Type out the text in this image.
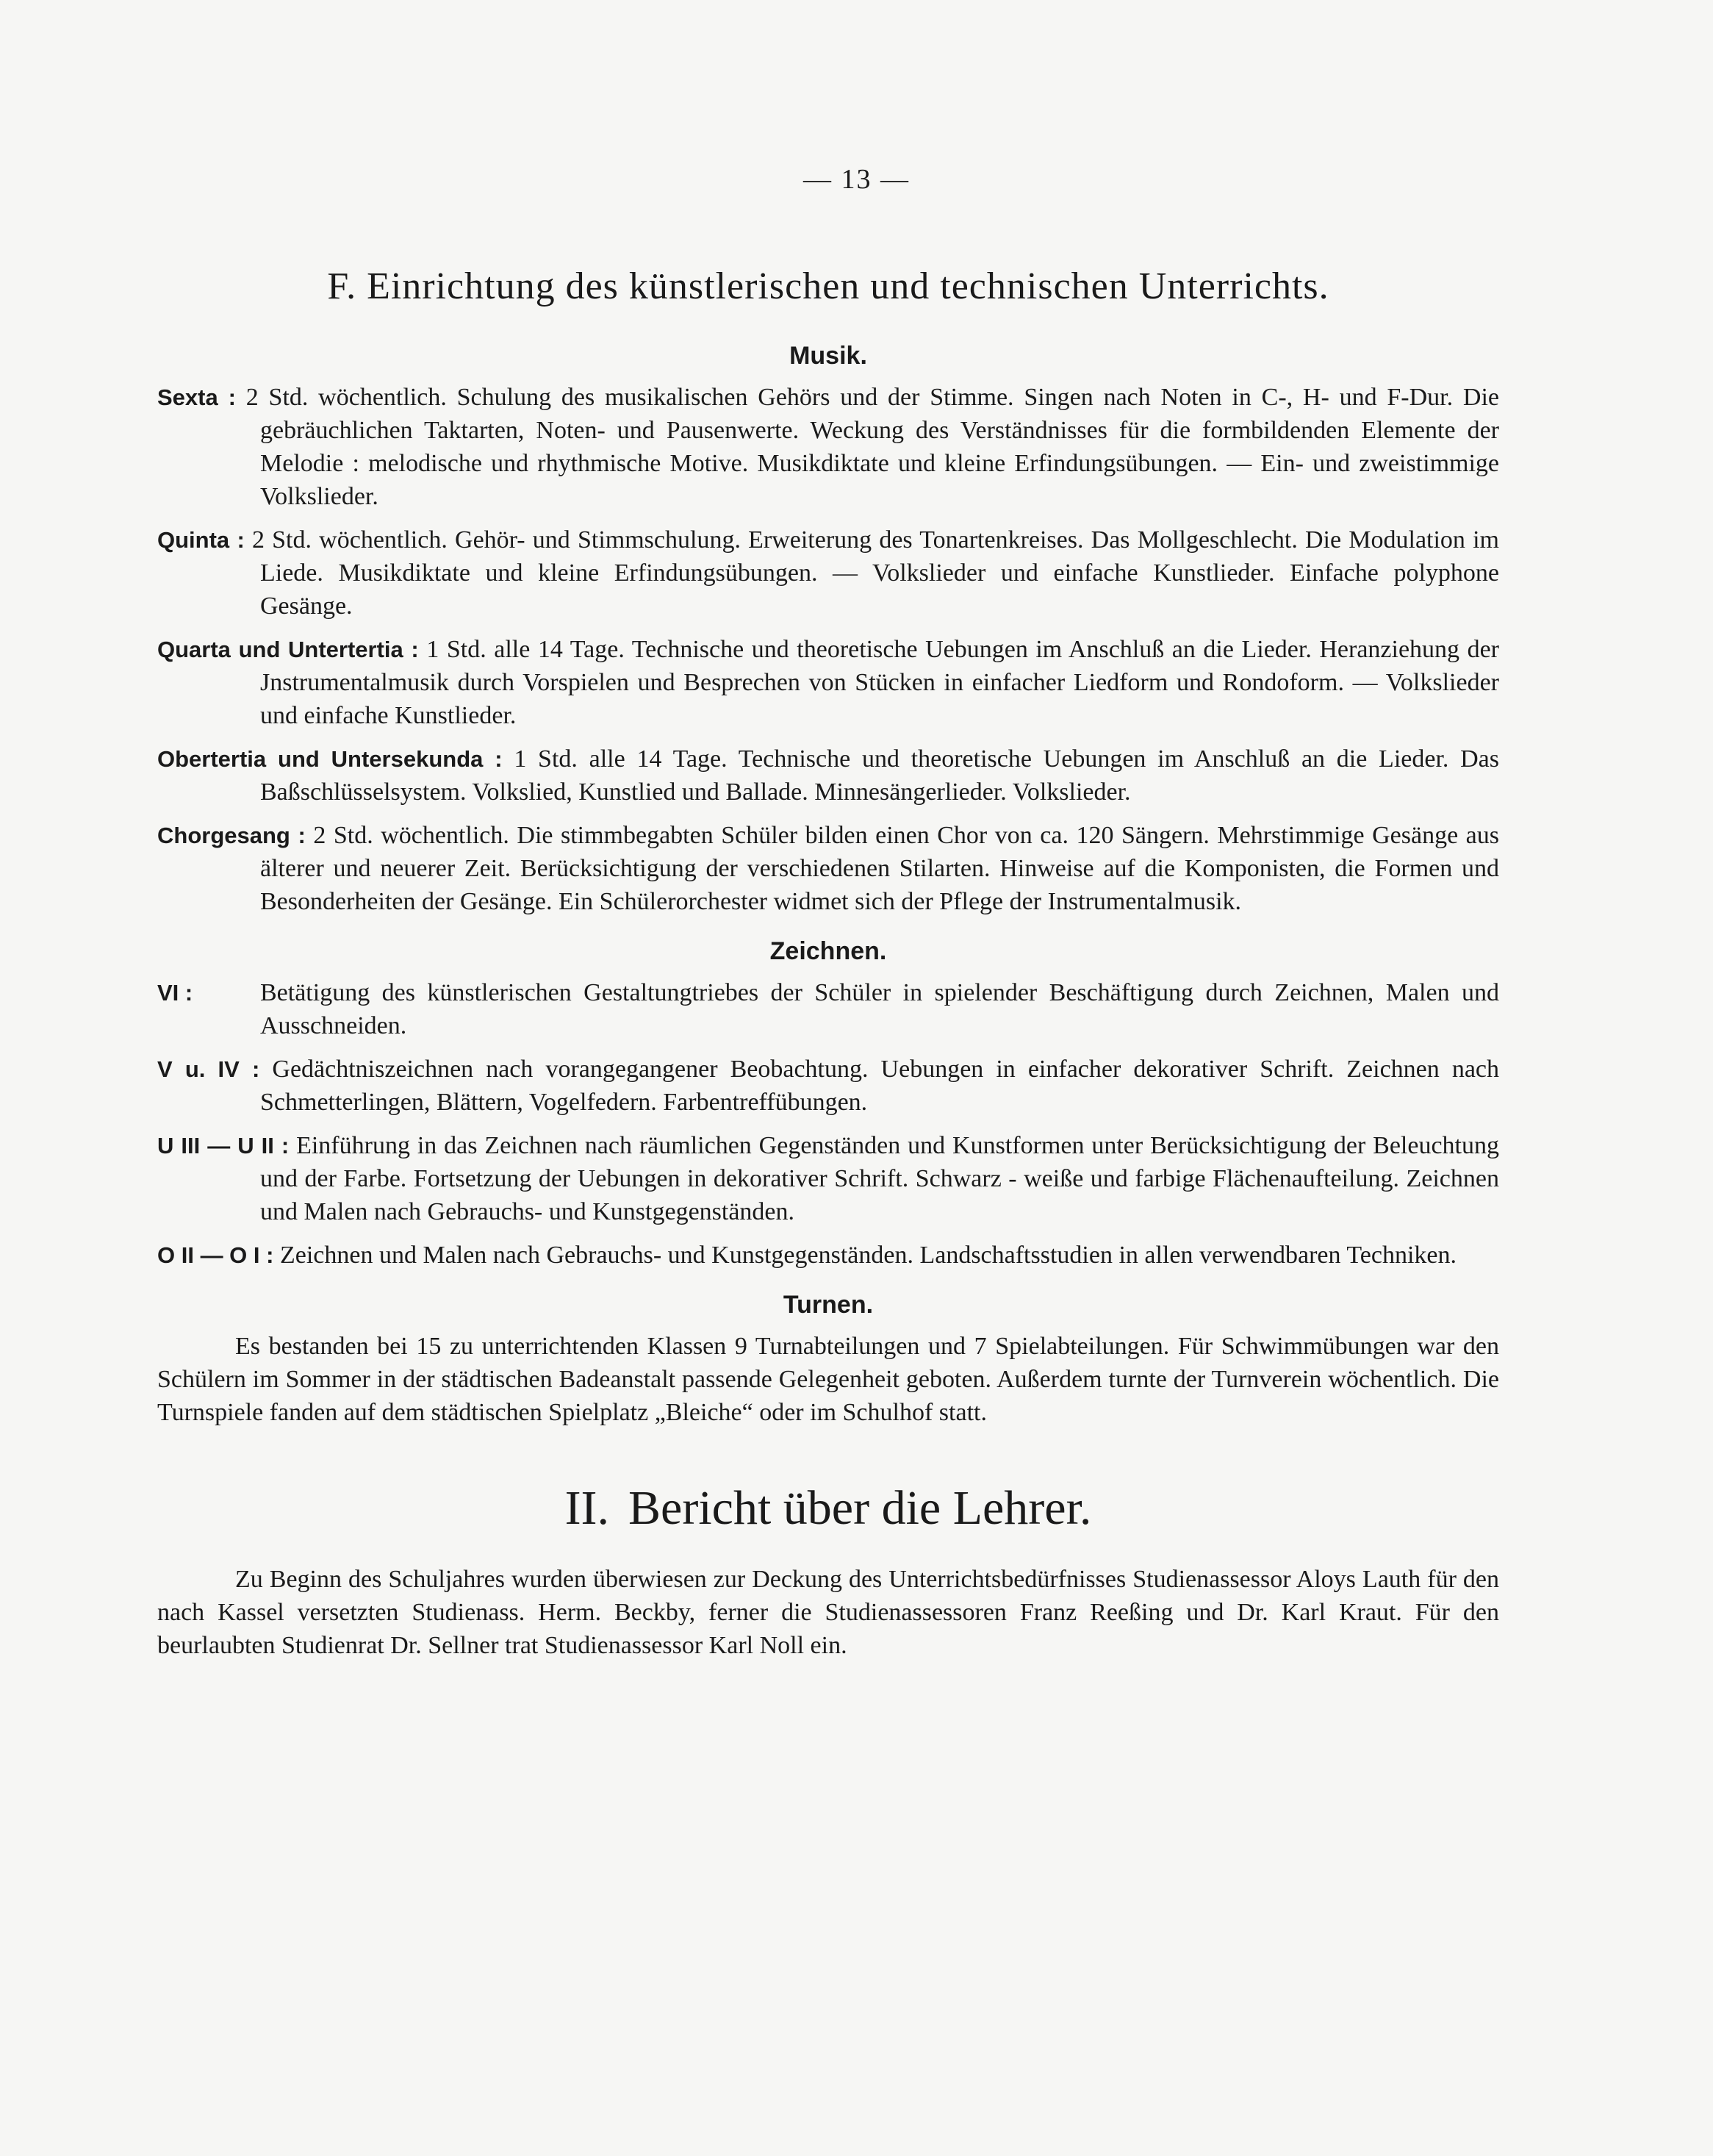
— 13 —
F. Einrichtung des künstlerischen und technischen Unterrichts.
Musik.

Sexta : 2 Std. wöchentlich. Schulung des musikalischen Gehörs und der Stimme. Singen nach Noten in C-, H- und F-Dur. Die gebräuchlichen Taktarten, Noten- und Pausenwerte. Weckung des Verständnisses für die formbildenden Elemente der Melodie : melodische und rhythmische Motive. Musikdiktate und kleine Erfindungsübungen. — Ein- und zweistimmige Volkslieder.

Quinta : 2 Std. wöchentlich. Gehör- und Stimmschulung. Erweiterung des Tonartenkreises. Das Mollgeschlecht. Die Modulation im Liede. Musikdiktate und kleine Erfindungsübungen. — Volkslieder und einfache Kunstlieder. Einfache polyphone Gesänge.

Quarta und Untertertia : 1 Std. alle 14 Tage. Technische und theoretische Uebungen im Anschluß an die Lieder. Heranziehung der Jnstrumentalmusik durch Vorspielen und Besprechen von Stücken in einfacher Liedform und Rondoform. — Volkslieder und einfache Kunstlieder.

Obertertia und Untersekunda : 1 Std. alle 14 Tage. Technische und theoretische Uebungen im Anschluß an die Lieder. Das Baßschlüsselsystem. Volkslied, Kunstlied und Ballade. Minnesängerlieder. Volkslieder.

Chorgesang : 2 Std. wöchentlich. Die stimmbegabten Schüler bilden einen Chor von ca. 120 Sängern. Mehrstimmige Gesänge aus älterer und neuerer Zeit. Berücksichtigung der verschiedenen Stilarten. Hinweise auf die Komponisten, die Formen und Besonderheiten der Gesänge. Ein Schülerorchester widmet sich der Pflege der Instrumentalmusik.

Zeichnen.
VI :	Betätigung des künstlerischen Gestaltungtriebes der Schüler in spielender Beschäftigung durch Zeichnen, Malen und Ausschneiden.

V u. IV : Gedächtniszeichnen nach vorangegangener Beobachtung. Uebungen in einfacher dekorativer Schrift. Zeichnen nach Schmetterlingen, Blättern, Vogelfedern. Farbentreffübungen.

U III — U II : Einführung in das Zeichnen nach räumlichen Gegenständen und Kunstformen unter Berücksichtigung der Beleuchtung und der Farbe. Fortsetzung der Uebungen in dekorativer Schrift. Schwarz - weiße und farbige Flächenaufteilung. Zeichnen und Malen nach Gebrauchs- und Kunstgegenständen.

O II — O I : Zeichnen und Malen nach Gebrauchs- und Kunstgegenständen. Landschaftsstudien in allen verwendbaren Techniken.

Turnen.

Es bestanden bei 15 zu unterrichtenden Klassen 9 Turnabteilungen und 7 Spielabteilungen. Für Schwimmübungen war den Schülern im Sommer in der städtischen Badeanstalt passende Gelegenheit geboten. Außerdem turnte der Turnverein wöchentlich. Die Turnspiele fanden auf dem städtischen Spielplatz „Bleiche“ oder im Schulhof statt.

II. Bericht über die Lehrer.

Zu Beginn des Schuljahres wurden überwiesen zur Deckung des Unterrichtsbedürfnisses Studienassessor Aloys Lauth für den nach Kassel versetzten Studienass. Herm. Beckby, ferner die Studienassessoren Franz Reeßing und Dr. Karl Kraut. Für den beurlaubten Studienrat Dr. Sellner trat Studienassessor Karl Noll ein.
